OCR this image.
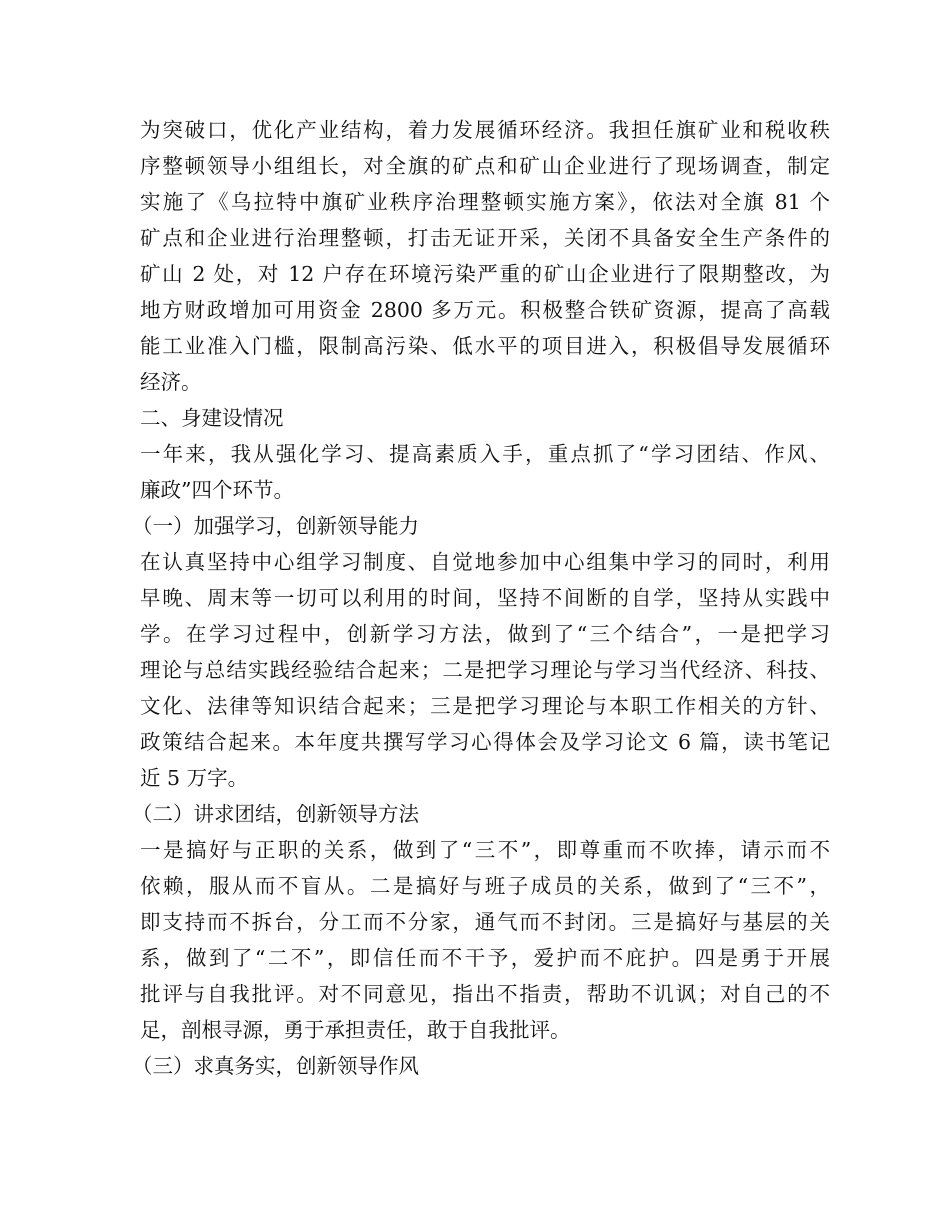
为突破口，优化产业结构，着力发展循环经济。我担任旗矿业和税收秩
序整顿领导小组组长，对全旗的矿点和矿山企业进行了现场调查，制定
实施了《乌拉特中旗矿业秩序治理整顿实施方案》，依法对全旗 81 个
矿点和企业进行治理整顿，打击无证开采，关闭不具备安全生产条件的
矿山 2 处，对 12 户存在环境污染严重的矿山企业进行了限期整改，为
地方财政增加可用资金 2800 多万元。积极整合铁矿资源，提高了高载
能工业准入门槛，限制高污染、低水平的项目进入，积极倡导发展循环
经济。
二、身建设情况
一年来，我从强化学习、提高素质入手，重点抓了“学习团结、作风、
廉政”四个环节。
（一）加强学习，创新领导能力
在认真坚持中心组学习制度、自觉地参加中心组集中学习的同时，利用
早晚、周末等一切可以利用的时间，坚持不间断的自学，坚持从实践中
学。在学习过程中，创新学习方法，做到了“三个结合”，一是把学习
理论与总结实践经验结合起来；二是把学习理论与学习当代经济、科技、
文化、法律等知识结合起来；三是把学习理论与本职工作相关的方针、
政策结合起来。本年度共撰写学习心得体会及学习论文 6 篇，读书笔记
近 5 万字。
（二）讲求团结，创新领导方法
一是搞好与正职的关系，做到了“三不”，即尊重而不吹捧，请示而不
依赖，服从而不盲从。二是搞好与班子成员的关系，做到了“三不”，
即支持而不拆台，分工而不分家，通气而不封闭。三是搞好与基层的关
系，做到了“二不”，即信任而不干予，爱护而不庇护。四是勇于开展
批评与自我批评。对不同意见，指出不指责，帮助不讥讽；对自己的不
足，剖根寻源，勇于承担责任，敢于自我批评。
（三）求真务实，创新领导作风
